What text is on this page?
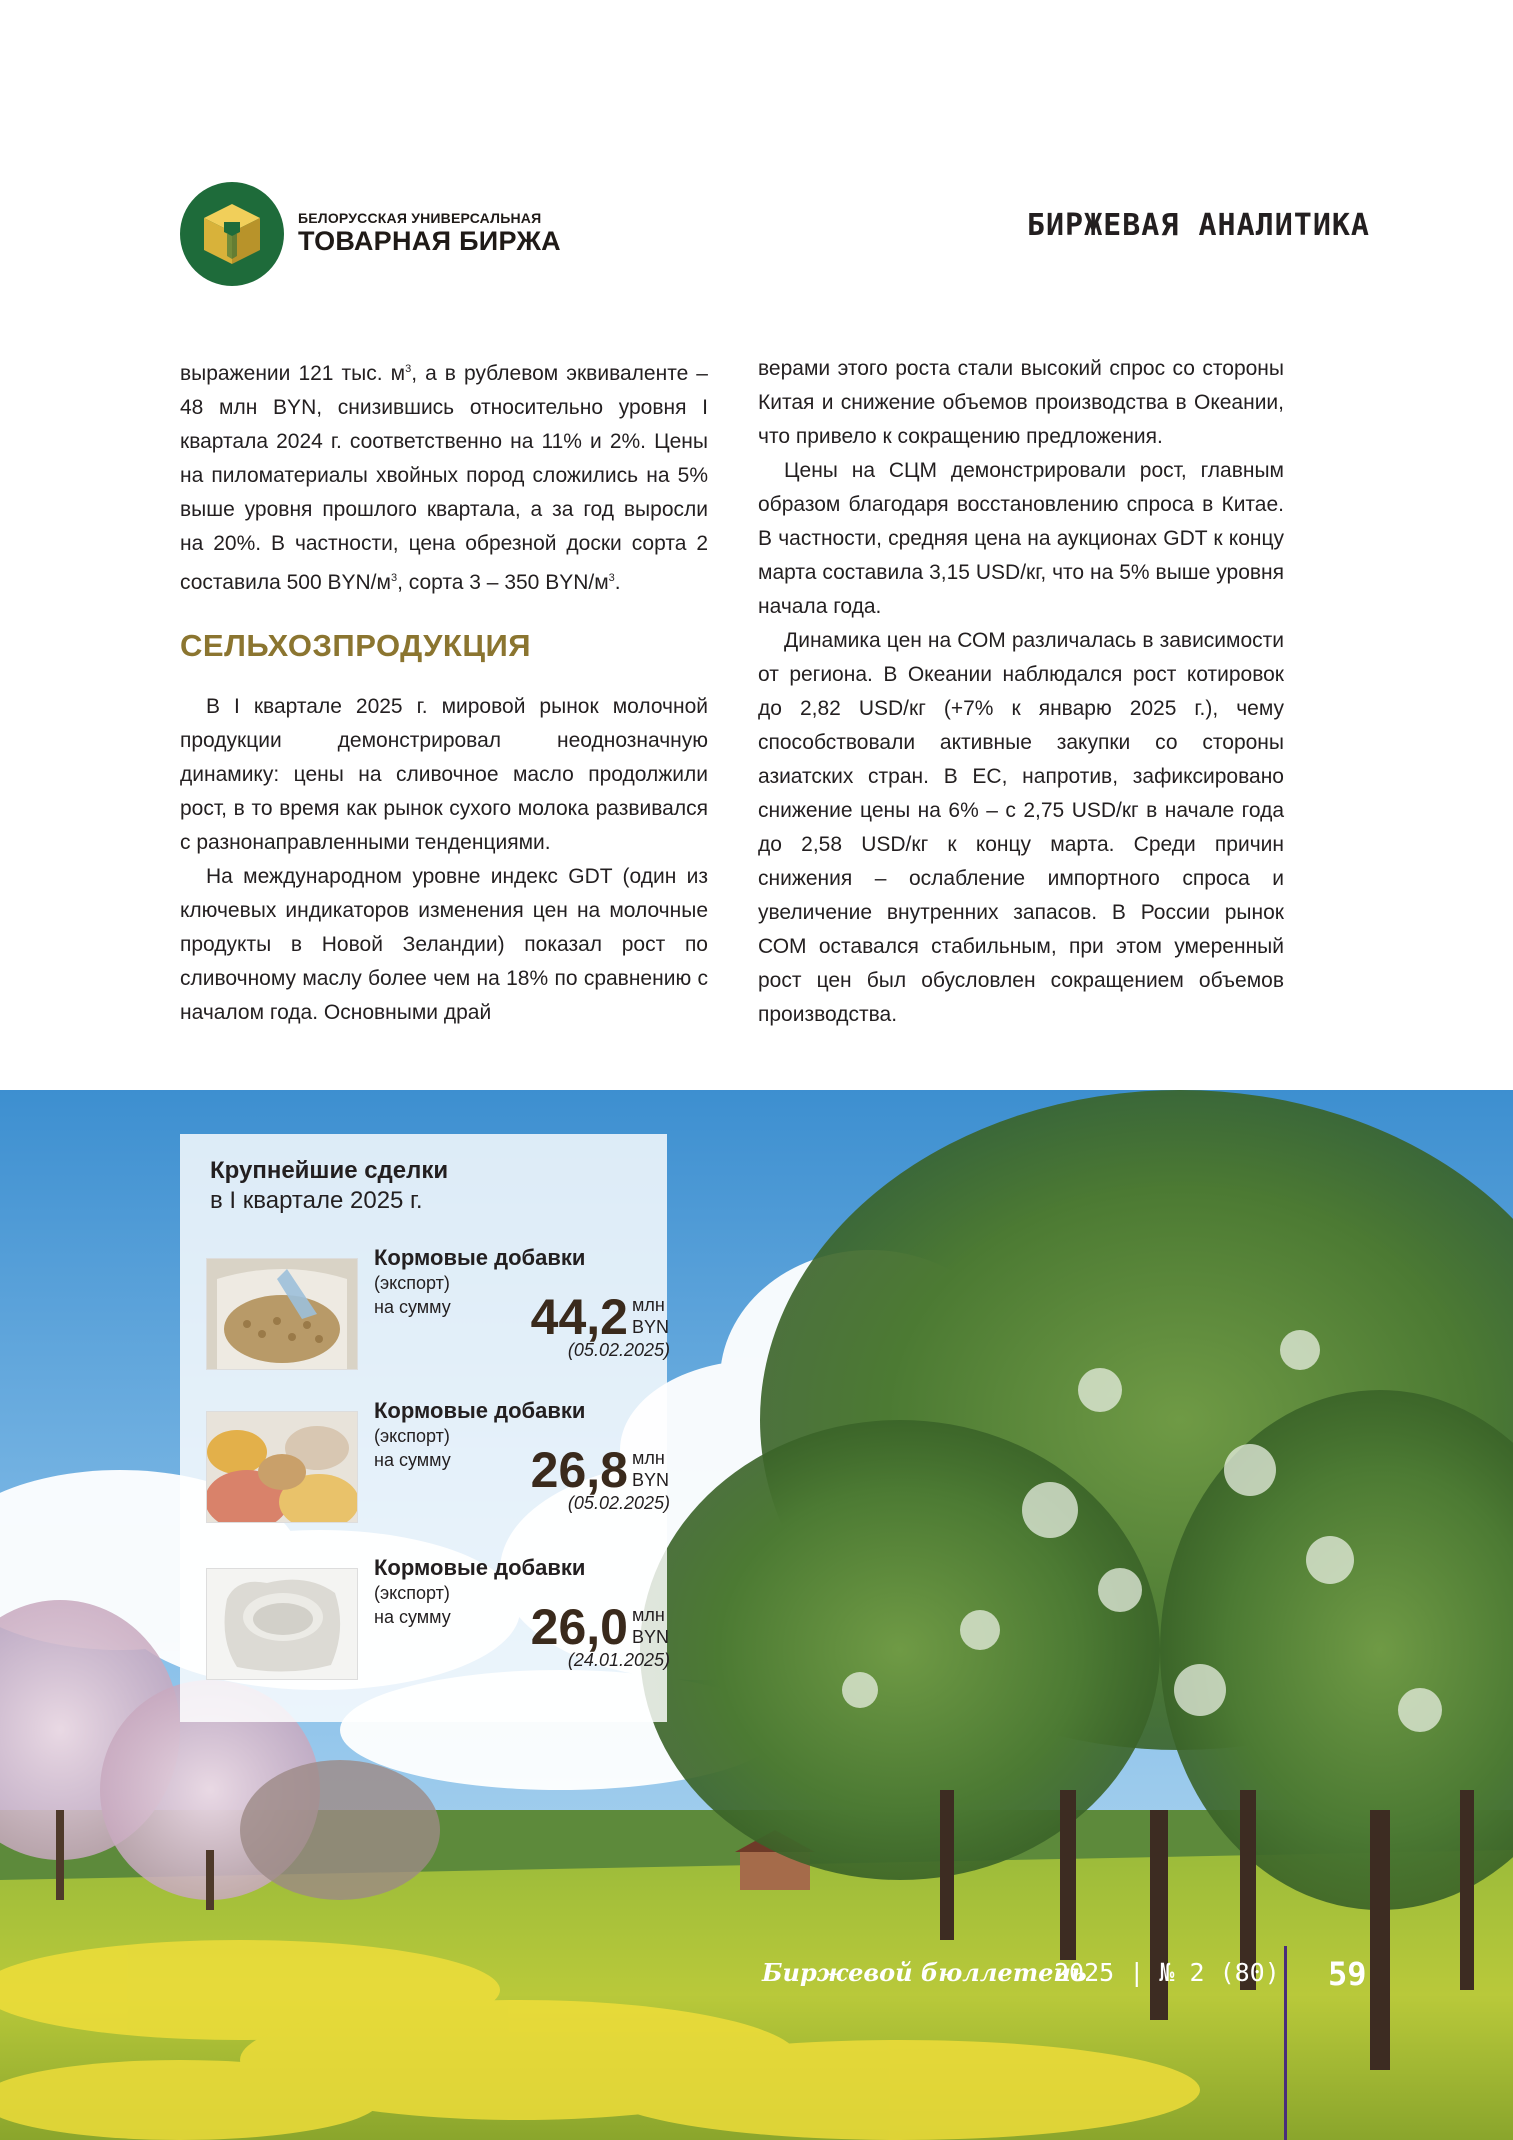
БЕЛОРУССКАЯ УНИВЕРСАЛЬНАЯ
ТОВАРНАЯ БИРЖА	БИРЖЕВАЯ АНАЛИТИКА

выражении 121 тыс. $м^3$, а в рублевом эквиваленте – 48 млн BYN, снизившись относительно уровня I квартала 2024 г. соответственно на 11% и 2%. Цены на пиломатериалы хвойных пород сложились на 5% выше уровня прошлого квартала, а за год выросли на 20%. В частности, цена обрезной доски сорта 2 составила 500 BYN/$м^3$, сорта 3 – 350 BYN/$м^3$.

СЕЛЬХОЗПРОДУКЦИЯ

В I квартале 2025 г. мировой рынок молочной продукции демонстрировал неоднозначную динамику: цены на сливочное масло продолжили рост, в то время как рынок сухого молока развивался с разнонаправленными тенденциями.

На международном уровне индекс GDT (один из ключевых индикаторов изменения цен на молочные продукты в Новой Зеландии) показал рост по сливочному маслу более чем на 18% по сравнению с началом года. Основными драй

верами этого роста стали высокий спрос со стороны Китая и снижение объемов производства в Океании, что привело к сокращению предложения.

Цены на СЦМ демонстрировали рост, главным образом благодаря восстановлению спроса в Китае. В частности, средняя цена на аукционах GDT к концу марта составила 3,15 USD/кг, что на 5% выше уровня начала года.

Динамика цен на СОМ различалась в зависимости от региона. В Океании наблюдался рост котировок до 2,82 USD/кг (+7% к январю 2025 г.), чему способствовали активные закупки со стороны азиатских стран. В ЕС, напротив, зафиксировано снижение цены на 6% – с 2,75 USD/кг в начале года до 2,58 USD/кг к концу марта. Среди причин снижения – ослабление импортного спроса и увеличение внутренних запасов. В России рынок СОМ оставался стабильным, при этом умеренный рост цен был обусловлен сокращением объемов производства.

Крупнейшие сделки
в I квартале 2025 г.
Кормовые добавки
(экспорт)
на сумму 44,2 млн
BYN
(05.02.2025)
Кормовые добавки
(экспорт)
на сумму 26,8 млн
BYN
(05.02.2025)
Кормовые добавки
(экспорт)
на сумму 26,0 млн
BYN
(24.01.2025)
Биржевой бюллетень
2025 | № 2 (80) 59
